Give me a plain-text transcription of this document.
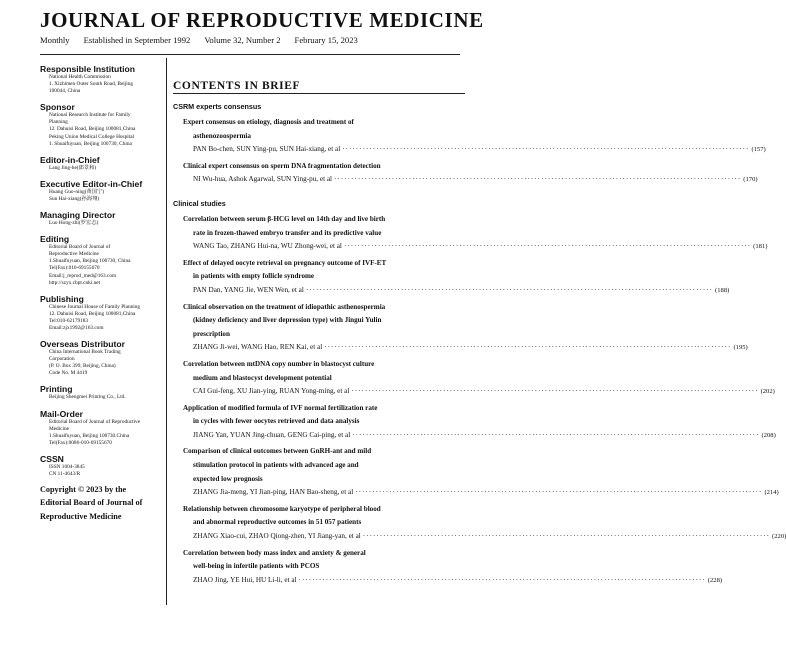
JOURNAL OF REPRODUCTIVE MEDICINE
Monthly Established in September 1992 Volume 32, Number 2 February 15, 2023
Responsible Institution
National Health Commission
1. Xizhimen Outer South Road, Beijing
100044, China
Sponsor
National Research Institute for Family
Planning
12. Dahuisi Road, Beijing 100081,China
Peking Union Medical College Hospital
1. Shuaifuyuan, Beijing 100730, China
Editor-in-Chief
Lang Jing-he(郎景和)
Executive Editor-in-Chief
Huang Guo-ning(黄国宁)
Sun Hai-xiang(孙海翔)
Managing Director
Luo Hong-zhi(罗宏志)
Editing
Editorial Board of Journal of
Reproductive Medicine
1.Shuaifuyuan, Beijing 100730, China
Tel(Fax):010-69155670
Email:j_reprod_med@163.com
http://szyx.cbpt.cnki.net
Publishing
Chinese Journal House of Family Planning
12. Dahuisi Road, Beijing 100081,China
Tel:010-62179183
Email:zjx1992@163.com
Overseas Distributor
China International Book Trading
Corporation
(P. O. Box 399, Beijing, China)
Code No. M 4419
Printing
Beijing Shengmei Printing Co., Ltd.
Mail-Order
Editorial Board of Journal of Reproductive
Medicine
1.Shuaifuyuan, Beijing 100730.China
Tel(Fax):0086-010-69155670
CSSN
ISSN 1004-3845
CN 11-4643/R
Copyright © 2023 by the
Editorial Board of Journal of
Reproductive Medicine
CONTENTS IN BRIEF
CSRM experts consensus
Expert consensus on etiology, diagnosis and treatment of
asthenozoospermia
PAN Bo-chen, SUN Ying-pu, SUN Hai-xiang, et al ························································································································ (157)
Clinical expert consensus on sperm DNA fragmentation detection
NI Wu-hua, Ashok Agarwal, SUN Ying-pu, et al ························································································································ (170)
Clinical studies
Correlation between serum β-HCG level on 14th day and live birth
rate in frozen-thawed embryo transfer and its predictive value
WANG Tao, ZHANG Hui-na, WU Zhong-wei, et al ························································································································ (181)
Effect of delayed oocyte retrieval on pregnancy outcome of IVF-ET
in patients with empty follicle syndrome
PAN Dan, YANG Jie, WEN Wen, et al ························································································································ (188)
Clinical observation on the treatment of idiopathic asthenospermia
(kidney deficiency and liver depression type) with Jingui Yulin
prescription
ZHANG Ji-wei, WANG Hao, REN Kai, et al ························································································································ (195)
Correlation between mtDNA copy number in blastocyst culture
medium and blastocyst development potential
CAI Gui-feng, XU Jian-ying, RUAN Yong-ming, et al ························································································································ (202)
Application of modified formula of IVF normal fertilization rate
in cycles with fewer oocytes retrieved and data analysis
JIANG Yan, YUAN Jing-chuan, GENG Cai-ping, et al ························································································································ (208)
Comparison of clinical outcomes between GnRH-ant and mild
stimulation protocol in patients with advanced age and
expected low prognosis
ZHANG Jia-meng, YI Jian-ping, HAN Bao-sheng, et al ························································································································ (214)
Relationship between chromosome karyotype of peripheral blood
and abnormal reproductive outcomes in 51 057 patients
ZHANG Xiao-cui, ZHAO Qiong-zhen, YI Jiang-yan, et al ························································································································ (220)
Correlation between body mass index and anxiety & general
well-being in infertile patients with PCOS
ZHAO Jing, YE Hui, HU Li-li, et al ························································································································ (228)
